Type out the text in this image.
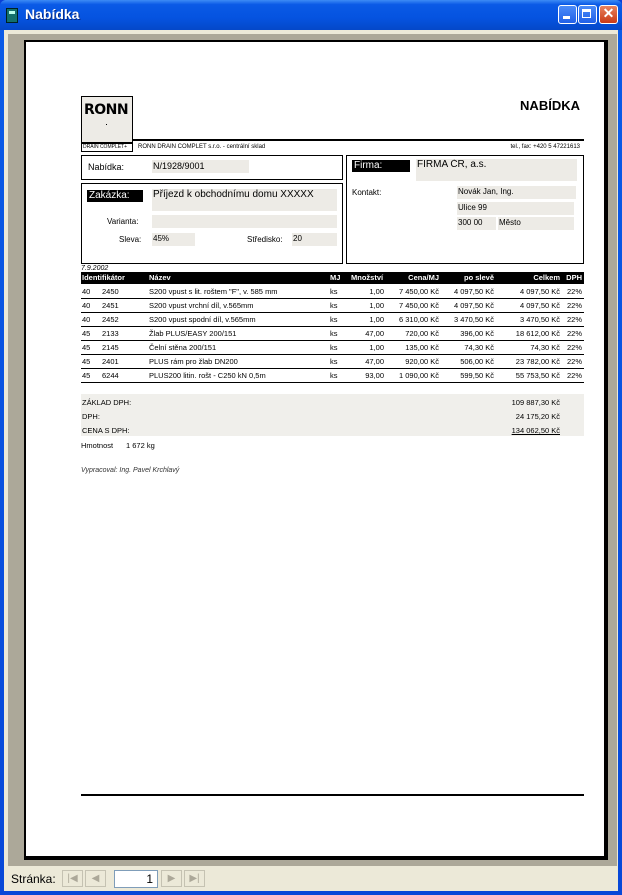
Nabídka	✕
RONN
DRAIN COMPLET+
NABÍDKA
RONN DRAIN COMPLET s.r.o. - centrální sklad	tel., fax: +420 5 47221613
Nabídka:	N/1928/9001
Zakázka:	Příjezd k obchodnímu domu XXXXX
Varianta:
Sleva: 45%	Středisko: 20
Firma:	FIRMA ČR, a.s.
Kontakt:	Novák Jan, Ing.
Ulice 99
300 00	Město
7.9.2002
Identifikátor	Název	MJ Množství	Cena/MJ	po slevě	Celkem DPH
40 2450	S200 vpust s lit. roštem "F", v. 585 mm	ks	1,00 7 450,00 Kč 4 097,50 Kč	4 097,50 Kč 22%
40 2451	S200 vpust vrchní díl, v.565mm	ks	1,00 7 450,00 Kč 4 097,50 Kč	4 097,50 Kč 22%
40 2452	S200 vpust spodní díl, v.565mm	ks	1,00 6 310,00 Kč 3 470,50 Kč	3 470,50 Kč 22%
45 2133	Žlab PLUS/EASY 200/151	ks	47,00	720,00 Kč	396,00 Kč	18 612,00 Kč 22%
45 2145	Čelní stěna 200/151	ks	1,00	135,00 Kč	74,30 Kč	74,30 Kč 22%
45 2401	PLUS rám pro žlab DN200	ks	47,00	920,00 Kč	506,00 Kč	23 782,00 Kč 22%
45 6244	PLUS200 litin. rošt - C250 kN 0,5m	ks	93,00 1 090,00 Kč	599,50 Kč	55 753,50 Kč 22%
ZÁKLAD DPH:	109 887,30 Kč
DPH:	24 175,20 Kč
CENA S DPH:	134 062,50 Kč
Hmotnost 1 672 kg
Vypracoval: Ing. Pavel Krchlavý
Stránka:	|◀	◀	1	▶	▶|
